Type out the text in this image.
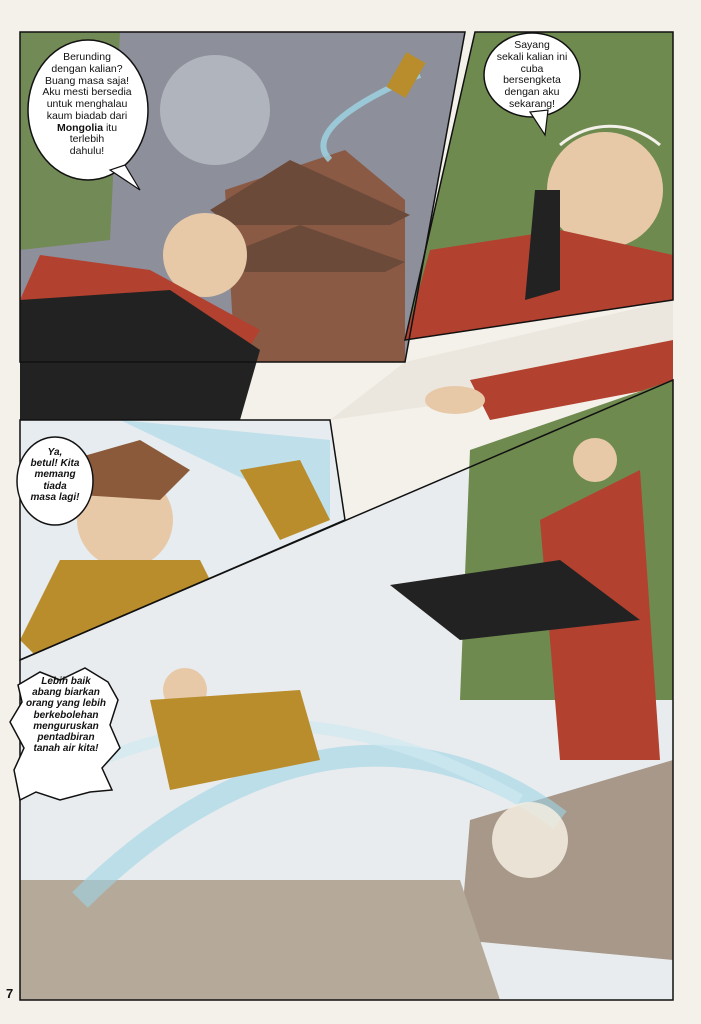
Berunding
dengan kalian?
Buang masa saja!
Aku mesti bersedia
untuk menghalau
kaum biadab dari
Mongolia itu
terlebih
dahulu!
Sayang
sekali kalian ini
cuba bersengketa
dengan aku
sekarang!
Ya,
betul! Kita
memang
tiada
masa lagi!
Lebih baik
abang biarkan
orang yang lebih
berkebolehan
menguruskan
pentadbiran
tanah air kita!
7
